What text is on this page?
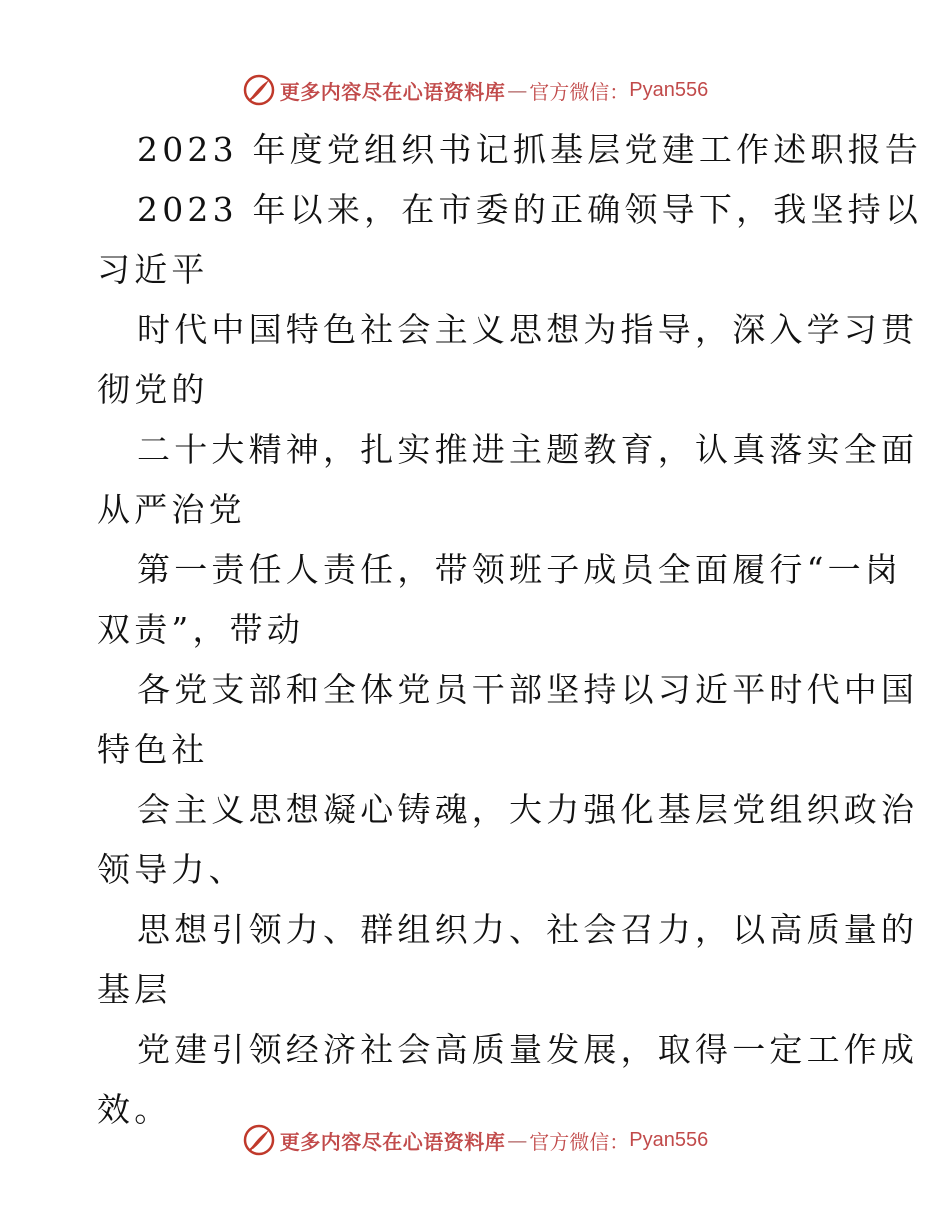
更多内容尽在心语资料库 — 官方微信： Pyan556
2023 年度党组织书记抓基层党建工作述职报告
2023 年以来，在市委的正确领导下，我坚持以
习近平
时代中国特色社会主义思想为指导，深入学习贯
彻党的
二十大精神，扎实推进主题教育，认真落实全面
从严治党
第一责任人责任，带领班子成员全面履行“一岗
双责”，带动
各党支部和全体党员干部坚持以习近平时代中国
特色社
会主义思想凝心铸魂，大力强化基层党组织政治
领导力、
思想引领力、群组织力、社会召力，以高质量的
基层
党建引领经济社会高质量发展，取得一定工作成
效。
更多内容尽在心语资料库 — 官方微信： Pyan556
